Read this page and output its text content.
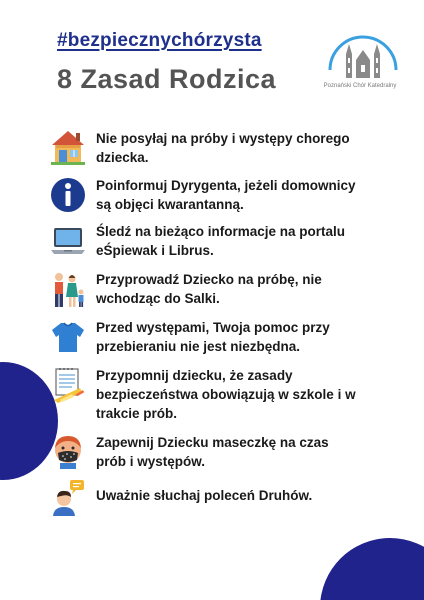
#bezpiecznychórzysta
8 Zasad Rodzica	Poznański Chór Katedralny
Nie posyłaj na próby i występy chorego
dziecka.
Poinformuj Dyrygenta, jeżeli domownicy
są objęci kwarantanną.
Śledź na bieżąco informacje na portalu
eŚpiewak i Librus.
Przyprowadź Dziecko na próbę, nie
wchodząc do Salki.
Przed występami, Twoja pomoc przy
przebieraniu nie jest niezbędna.
Przypomnij dziecku, że zasady
bezpieczeństwa obowiązują w szkole i w
trakcie prób.
Zapewnij Dziecku maseczkę na czas
prób i występów.
Uważnie słuchaj poleceń Druhów.
